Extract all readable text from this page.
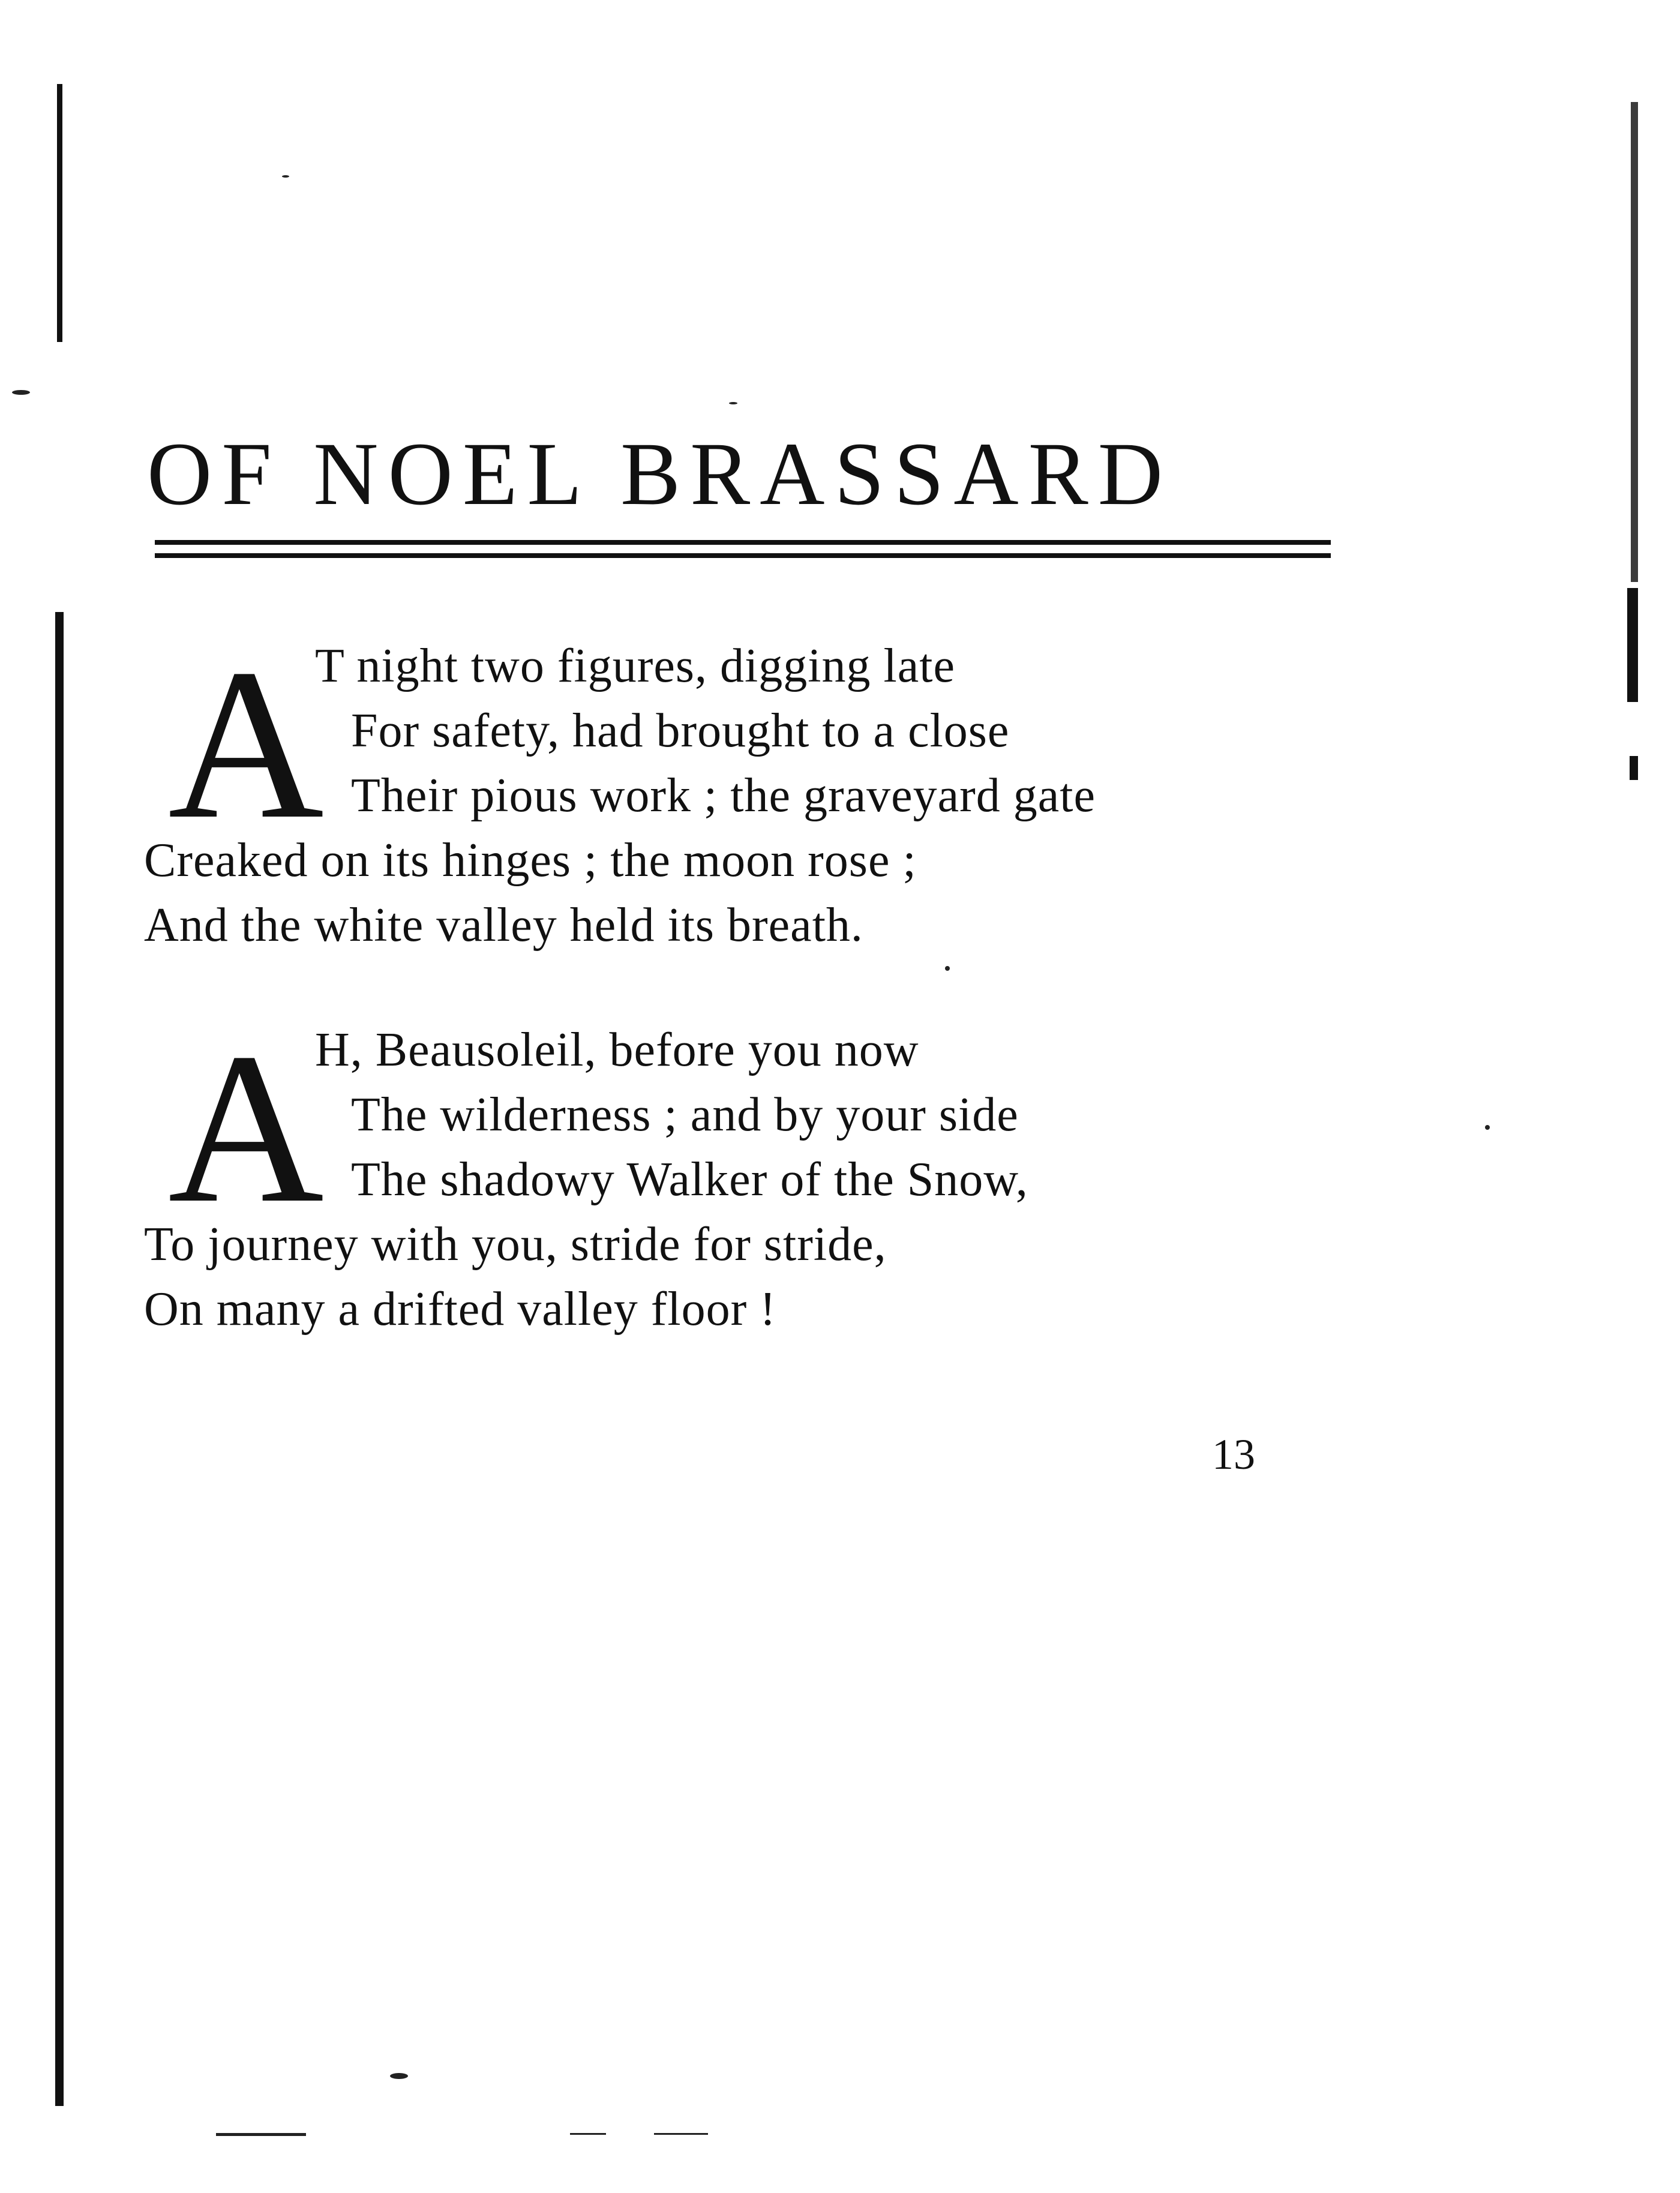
OF NOEL BRASSARD
A
T night two figures, digging late
For safety, had brought to a close
Their pious work ; the graveyard gate
Creaked on its hinges ; the moon rose ;
And the white valley held its breath.
A
H, Beausoleil, before you now
The wilderness ; and by your side
The shadowy Walker of the Snow,
To journey with you, stride for stride,
On many a drifted valley floor !
13
